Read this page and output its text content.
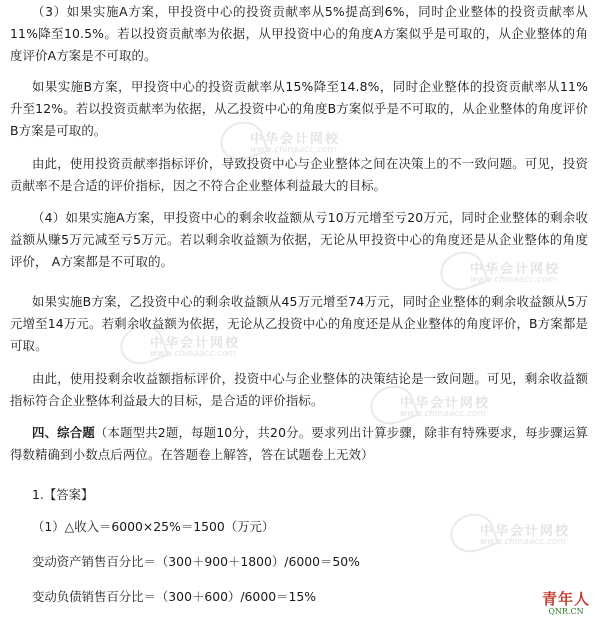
中华会计网校
www.chinaacc.com
中华会计网校
www.chinaacc.com
中华会计网校
www.chinaacc.com
中华会计网校
www.chinaacc.com
中华会计网校
www.chinaacc.com

（3）如果实施A方案，甲投资中心的投资贡献率从5%提高到6%，同时企业整体的投资贡献率从11%降至10.5%。若以投资贡献率为依据，从甲投资中心的角度A方案似乎是可取的，从企业整体的角度评价A方案是不可取的。

如果实施B方案，甲投资中心的投资贡献率从15%降至14.8%，同时企业整体的投资贡献率从11%升至12%。若以投资贡献率为依据，从乙投资中心的角度B方案似乎是不可取的，从企业整体的角度评价B方案是可取的。

由此，使用投资贡献率指标评价，导致投资中心与企业整体之间在决策上的不一致问题。可见，投资贡献率不是合适的评价指标，因之不符合企业整体利益最大的目标。

（4）如果实施A方案，甲投资中心的剩余收益额从亏10万元增至亏20万元，同时企业整体的剩余收益额从赚5万元减至亏5万元。若以剩余收益额为依据，无论从甲投资中心的角度还是从企业整体的角度评价， A方案都是不可取的。

如果实施B方案，乙投资中心的剩余收益额从45万元增至74万元，同时企业整体的剩余收益额从5万元增至14万元。若剩余收益额为依据，无论从乙投资中心的角度还是从企业整体的角度评价，B方案都是可取。

由此，使用投剩余收益额指标评价，投资中心与企业整体的决策结论是一致问题。可见，剩余收益额指标符合企业整体利益最大的目标，是合适的评价指标。

四、综合题（本题型共2题，每题10分，共20分。要求列出计算步骤，除非有特殊要求，每步骤运算得数精确到小数点后两位。在答题卷上解答，答在试题卷上无效）

1.【答案】

（1）△收入＝6000×25%＝1500（万元）

变动资产销售百分比＝（300＋900＋1800）/6000＝50%

变动负债销售百分比＝（300＋600）/6000＝15%	青年人
QNR.CN
